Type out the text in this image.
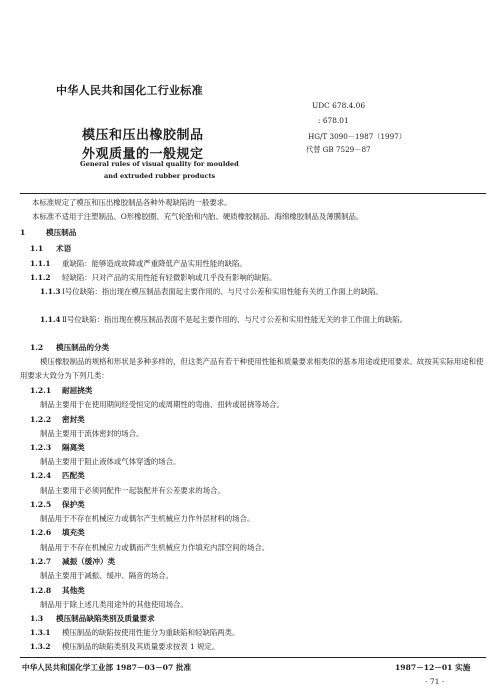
中华人民共和国化工行业标准
UDC 678.4.06
: 678.01
HG/T 3090－1987（1997）
代替 GB 7529－87
模压和压出橡胶制品
外观质量的一般规定
General rules of visual quality for moulded
and extruded rubber products
本标准规定了模压和压出橡胶制品各种外观缺陷的一般要求。
本标准不适用于注塑制品、O形橡胶圈、充气轮胎和内胎、硬质橡胶制品、海绵橡胶制品及薄膜制品。
1	模压制品
1.1 术语
1.1.1 重缺陷：能够造成故障或严重降低产品实用性能的缺陷。
1.1.2 轻缺陷：只对产品的实用性能有轻微影响或几乎没有影响的缺陷。
1.1.3Ⅰ号位缺陷：指出现在模压制品表面起主要作用的、与尺寸公差和实用性能有关的工作面上的缺陷。
1.1.4Ⅱ号位缺陷：指出现在模压制品表面不是起主要作用的、与尺寸公差和实用性能无关的非工作面上的缺陷。
1.2 模压制品的分类
模压橡胶制品的规格和形状是多种多样的，但这类产品有若干种使用性能和质量要求相类似的基本用途或使用要求。故按其实际用途和使用要求大致分为下列几类：
1.2.1 耐屈挠类
制品主要用于在使用期间经受恒定的或周期性的弯曲、扭转或屈挠等场合。
1.2.2 密封类
制品主要用于流体密封的场合。
1.2.3 隔离类
制品主要用于阻止液体或气体穿透的场合。
1.2.4 匹配类
制品主要用于必须同配件一起装配并有公差要求的场合。
1.2.5 保护类
制品用于不存在机械应力或偶尔产生机械应力作外层材料的场合。
1.2.6 填充类
制品用于不存在机械应力或偶而产生机械应力作填充内部空间的场合。
1.2.7 减振（缓冲）类
制品主要用于减振、缓冲、隔音的场合。
1.2.8 其他类
制品用于除上述几类用途外的其他使用场合。
1.3 模压制品缺陷类别及质量要求
1.3.1 模压制品的缺陷按使用性能分为重缺陷和轻缺陷两类。
1.3.2 模压制品的缺陷类别及其质量要求按表 1 规定。
中华人民共和国化学工业部 1987－03－07 批准	1987－12－01 实施
· 71 ·
